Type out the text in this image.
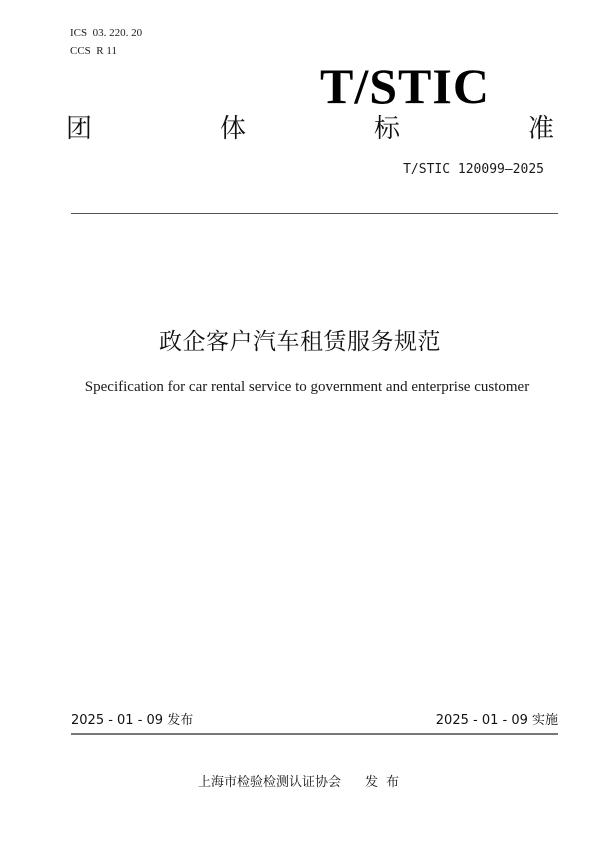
ICS  03. 220. 20
CCS  R 11
T/STIC
团	体	标	准
T/STIC 120099—2025
政企客户汽车租赁服务规范
Specification for car rental service to government and enterprise customer
2025 - 01 - 09 发布	2025 - 01 - 09 实施
上海市检验检测认证协会 发布
